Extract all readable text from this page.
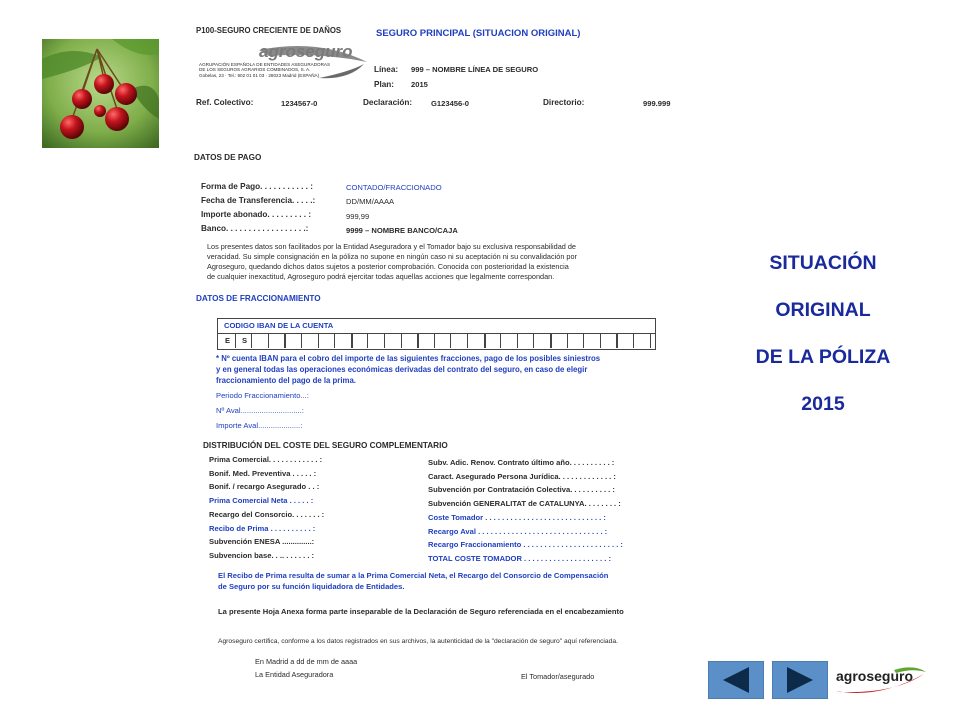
P100-SEGURO CRECIENTE DE DAÑOS	SEGURO PRINCIPAL (SITUACION ORIGINAL)
agroseguro
AGRUPACIÓN ESPAÑOLA DE ENTIDADES ASEGURADORAS
DE LOS SEGUROS AGRARIOS COMBINADOS, S. A.
Gobelas, 23 · Tel.: 902 01 01 03 · 28023 Madrid (ESPAÑA)
Línea: 999 – NOMBRE LÍNEA DE SEGURO
Plan: 2015
Ref. Colectivo:	1234567-0	Declaración: G123456-0	Directorio:	999.999
DATOS DE PAGO
Forma de Pago. . . . . . . . . . . :	CONTADO/FRACCIONADO
Fecha de Transferencia. . . . .:	DD/MM/AAAA
Importe abonado. . . . . . . . . :	999,99
Banco. . . . . . . . . . . . . . . . . .:	9999 – NOMBRE BANCO/CAJA
Los presentes datos son facilitados por la Entidad Aseguradora y el Tomador bajo su exclusiva responsabilidad de
veracidad. Su simple consignación en la póliza no supone en ningún caso ni su aceptación ni su convalidación por
Agroseguro, quedando dichos datos sujetos a posterior comprobación. Conocida con posterioridad la existencia
de cualquier inexactitud, Agroseguro podrá ejercitar todas aquellas acciones que legalmente correspondan.
DATOS DE FRACCIONAMIENTO
CODIGO IBAN DE LA CUENTA
E S
* Nº cuenta IBAN para el cobro del importe de las siguientes fracciones, pago de los posibles siniestros
y en general todas las operaciones económicas derivadas del contrato del seguro, en caso de elegir
fraccionamiento del pago de la prima.
Periodo Fraccionamiento...:
Nº Aval.............................:
Importe Aval....................:
DISTRIBUCIÓN DEL COSTE DEL SEGURO COMPLEMENTARIO
Prima Comercial. . . . . . . . . . . . :
Bonif. Med. Preventiva . . . . . :
Bonif. / recargo Asegurado . . :
Prima Comercial Neta . . . . . :
Recargo del Consorcio. . . . . . . :
Recibo de Prima . . . . . . . . . . :
Subvención ENESA ..............:
Subvencion base. . .. . . . . . . :
Subv. Adic. Renov. Contrato último año. . . . . . . . . . :
Caract. Asegurado Persona Jurídica. . . . . . . . . . . . . :
Subvención por Contratación Colectiva. . . . . . . . . . :
Subvención GENERALITAT de CATALUNYA. . . . . . . . :
Coste Tomador . . . . . . . . . . . . . . . . . . . . . . . . . . . . :
Recargo Aval . . . . . . . . . . . . . . . . . . . . . . . . . . . . . . :
Recargo Fraccionamiento . . . . . . . . . . . . . . . . . . . . . . . :
TOTAL COSTE TOMADOR . . . . . . . . . . . . . . . . . . . . :
El Recibo de Prima resulta de sumar a la Prima Comercial Neta, el Recargo del Consorcio de Compensación
de Seguro por su función liquidadora de Entidades.
La presente Hoja Anexa forma parte inseparable de la Declaración de Seguro referenciada en el encabezamiento
Agroseguro certifica, conforme a los datos registrados en sus archivos, la autenticidad de la "declaración de seguro" aquí referenciada.
En Madrid a dd de mm de aaaa
La Entidad Aseguradora	El Tomador/asegurado
SITUACIÓN
ORIGINAL
DE LA PÓLIZA
2015
agroseguro
